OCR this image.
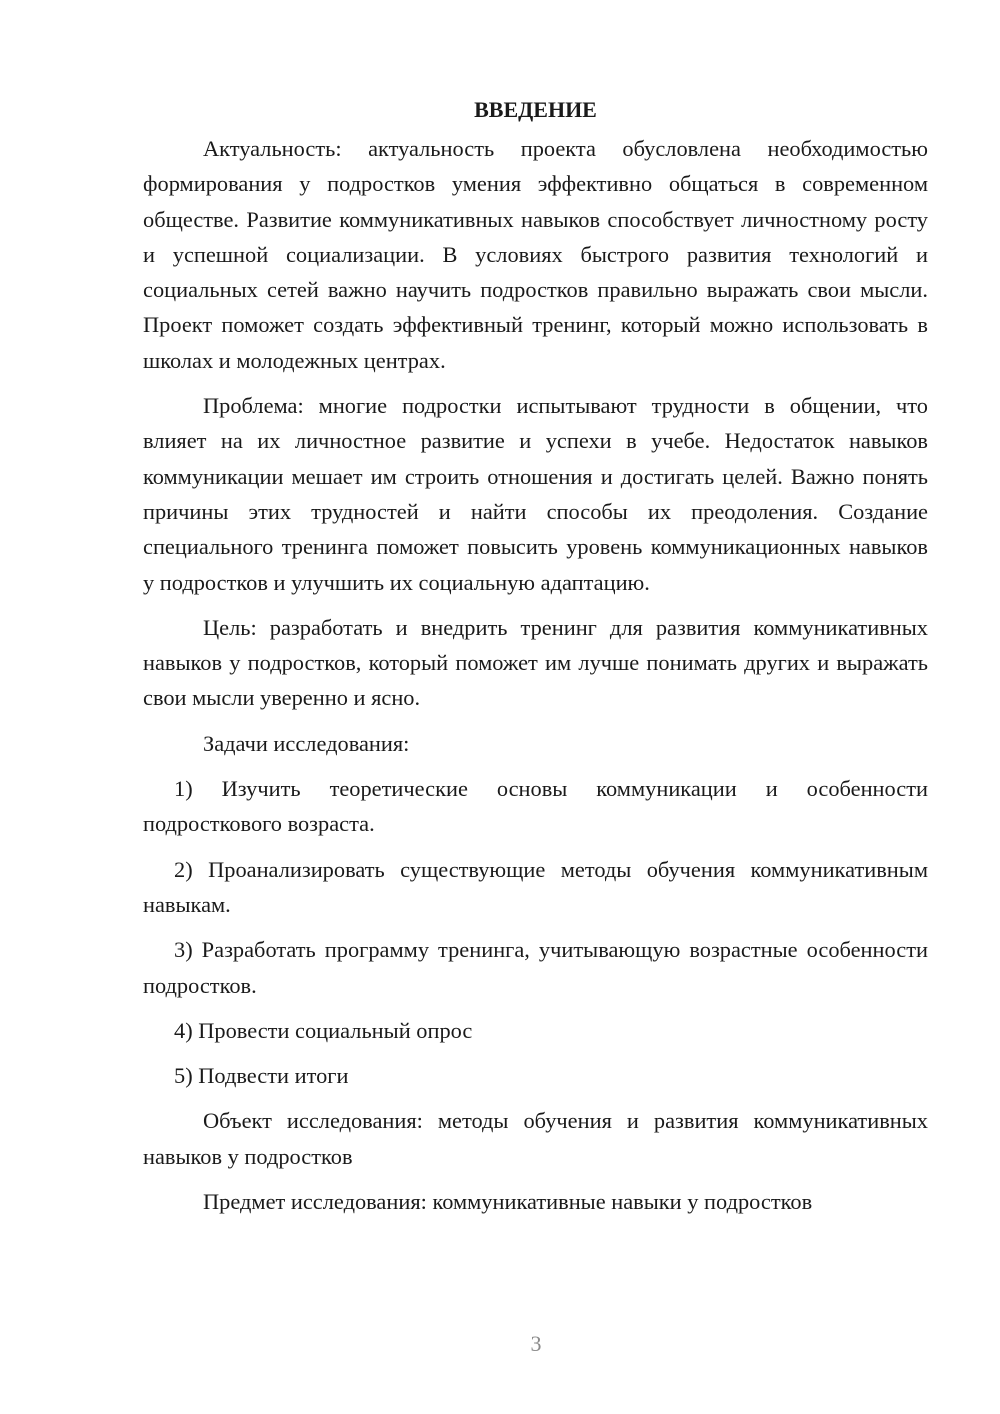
ВВЕДЕНИЕ

Актуальность: актуальность проекта обусловлена необходимостью формирования у подростков умения эффективно общаться в современном обществе. Развитие коммуникативных навыков способствует личностному росту и успешной социализации. В условиях быстрого развития технологий и социальных сетей важно научить подростков правильно выражать свои мысли. Проект поможет создать эффективный тренинг, который можно использовать в школах и молодежных центрах.

Проблема: многие подростки испытывают трудности в общении, что влияет на их личностное развитие и успехи в учебе. Недостаток навыков коммуникации мешает им строить отношения и достигать целей. Важно понять причины этих трудностей и найти способы их преодоления. Создание специального тренинга поможет повысить уровень коммуникационных навыков у подростков и улучшить их социальную адаптацию.

Цель: разработать и внедрить тренинг для развития коммуникативных навыков у подростков, который поможет им лучше понимать других и выражать свои мысли уверенно и ясно.

Задачи исследования:

1) Изучить теоретические основы коммуникации и особенности подросткового возраста.

2) Проанализировать существующие методы обучения коммуникативным навыкам.

3) Разработать программу тренинга, учитывающую возрастные особенности подростков.

4) Провести социальный опрос

5) Подвести итоги

Объект исследования: методы обучения и развития коммуникативных навыков у подростков

Предмет исследования: коммуникативные навыки у подростков

3
